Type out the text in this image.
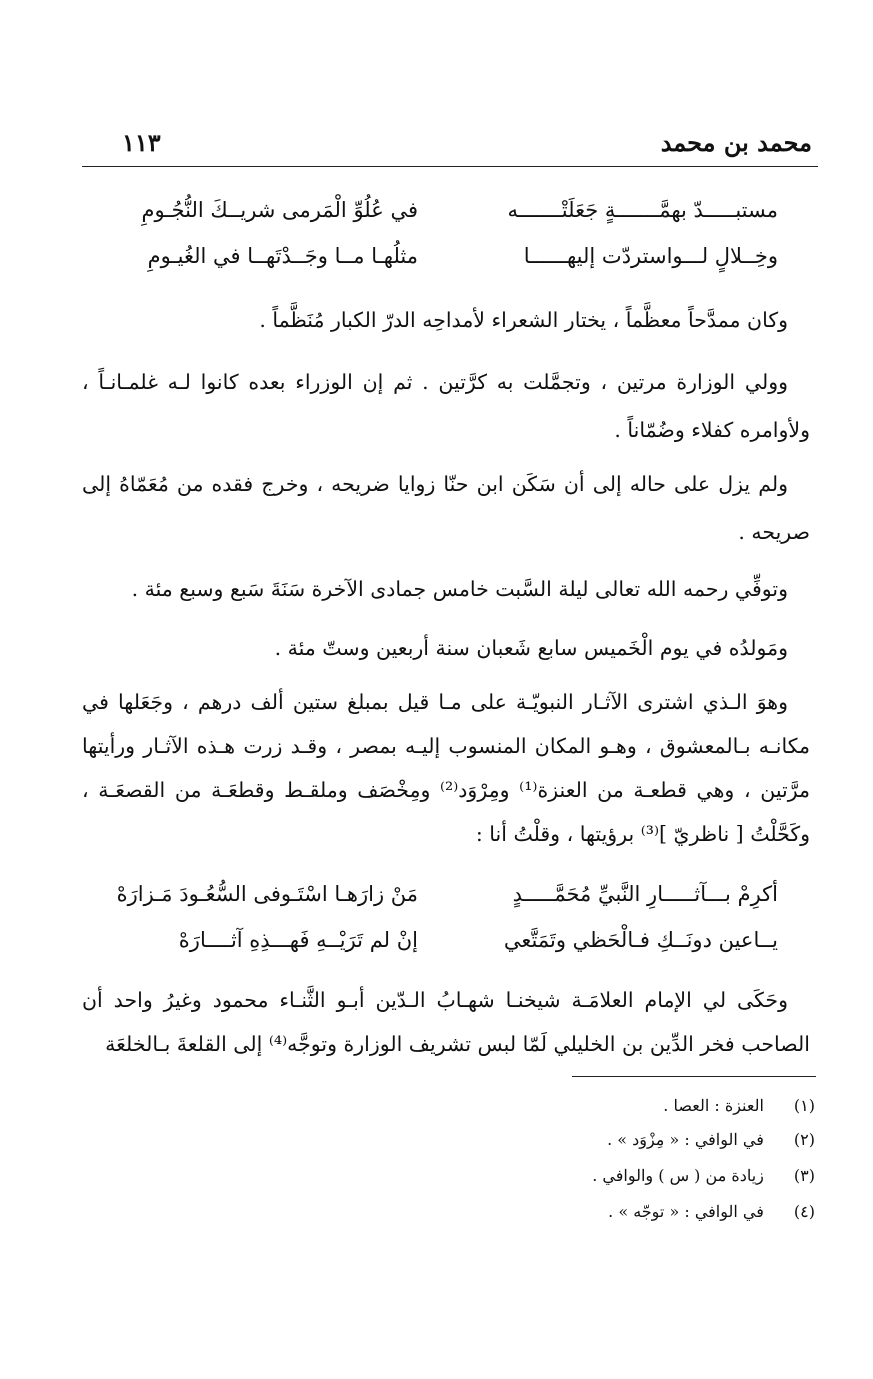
محمد بن محمد
١١٣
مستبـــــدّ بهمَّـــــــةٍ جَعَلَتْـــــــه
في عُلُوِّ الْمَرمى شريــكَ النُّجُـومِ
وخِــلالٍ لـــواستردّت إليهــــــا
مثلُهـا مــا وجَــدْتَهــا في الغُيـومِ

وكان ممدَّحاً معظَّماً ، يختار الشعراء لأمداحِه الدرّ الكبار مُنَظَّماً .

وولي الوزارة مرتين ، وتجمَّلت به كرَّتين . ثم إن الوزراء بعده كانوا لـه غلمـانـاً ، ولأوامره كفلاء وضُمّاناً .

ولم يزل على حاله إلى أن سَكَن ابن حنّا زوايا ضريحه ، وخرج فقده من مُعَمّاهُ إلى صريحه .

وتوفِّي رحمه الله تعالى ليلة السَّبت خامس جمادى الآخرة سَنَةَ سَبع وسبع مئة .

ومَولدُه في يوم الْخَميس سابع شَعبان سنة أربعين وستّ مئة .

وهوَ الـذي اشترى الآثـار النبويّـة على مـا قيل بمبلغ ستين ألف درهم ، وجَعَلها في مكانـه بـالمعشوق ، وهـو المكان المنسوب إليـه بمصر ، وقـد زرت هـذه الآثـار ورأيتها مرَّتين ، وهي قطعـة من العنزة⁽¹⁾ ومِرْوَد⁽²⁾ ومِخْصَف وملقـط وقطعَـة من القصعَـة ، وكَحَّلْتُ [ ناظريّ ]⁽³⁾ برؤيتها ، وقلْتُ أنا :

أكرِمْ بـــآثـــــارِ النَّبيِّ مُحَمَّـــــدٍ
مَنْ زارَهـا اسْتَـوفى السُّعُـودَ مَـزارَهْ
يــاعين دونَــكِ فـالْحَظي وتَمَتَّعي
إنْ لم تَرَيْــهِ فَهـــذِهِ آثــــارَهْ

وحَكَى لي الإمام العلامَـة شيخنـا شهـابُ الـدّين أبـو الثَّنـاء محمود وغيرُ واحد أن الصاحب فخر الدِّين بن الخليلي لَمّا لبس تشريف الوزارة وتوجَّه⁽⁴⁾ إلى القلعةَ بـالخلعَة

(١) العنزة : العصا .
(٢) في الوافي : « مِزْوَد » .
(٣) زيادة من ( س ) والوافي .
(٤) في الوافي : « توجّه » .
